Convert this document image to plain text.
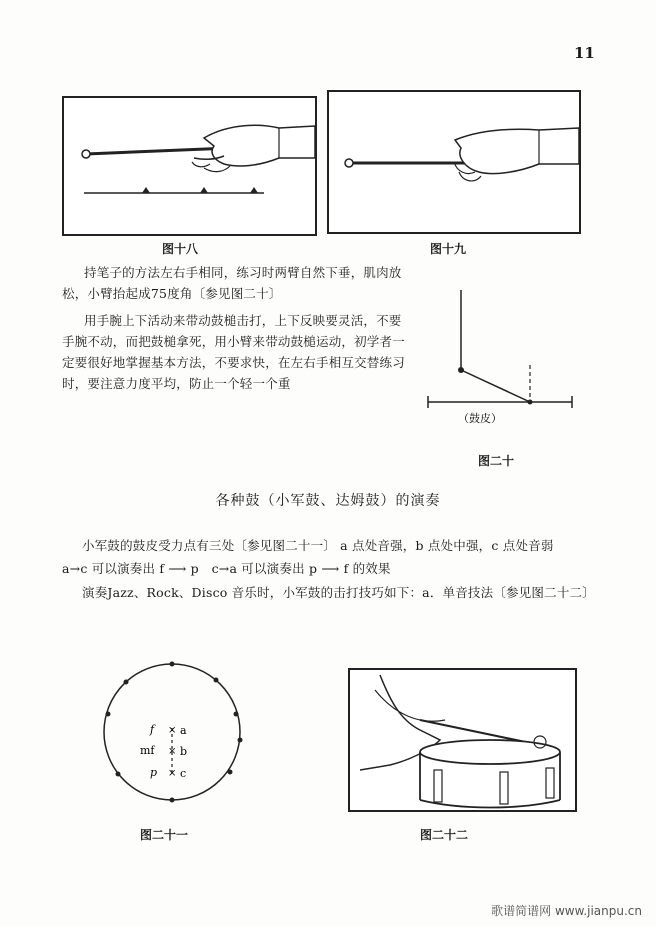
11
图十八	图十九

持笔子的方法左右手相同，练习时两臂自然下垂，肌肉放松，小臂抬起成75度角〔参见图二十〕

用手腕上下活动来带动鼓槌击打，上下反映要灵活，不要手腕不动，而把鼓槌拿死，用小臂来带动鼓槌运动，初学者一定要很好地掌握基本方法，不要求快，在左右手相互交替练习时，要注意力度平均，防止一个轻一个重

（鼓皮）
图二十
各种鼓（小军鼓、达姆鼓）的演奏

小军鼓的鼓皮受力点有三处〔参见图二十一〕 a 点处音强，b 点处中强，c 点处音弱

a→c 可以演奏出 f ⟶ p　c→a 可以演奏出 p ⟶ f 的效果

演奏Jazz、Rock、Disco 音乐时，小军鼓的击打技巧如下：a．单音技法〔参见图二十二〕

f × a
mf × b
p × c
图二十一	图二十二
歌谱简谱网 www.jianpu.cn
